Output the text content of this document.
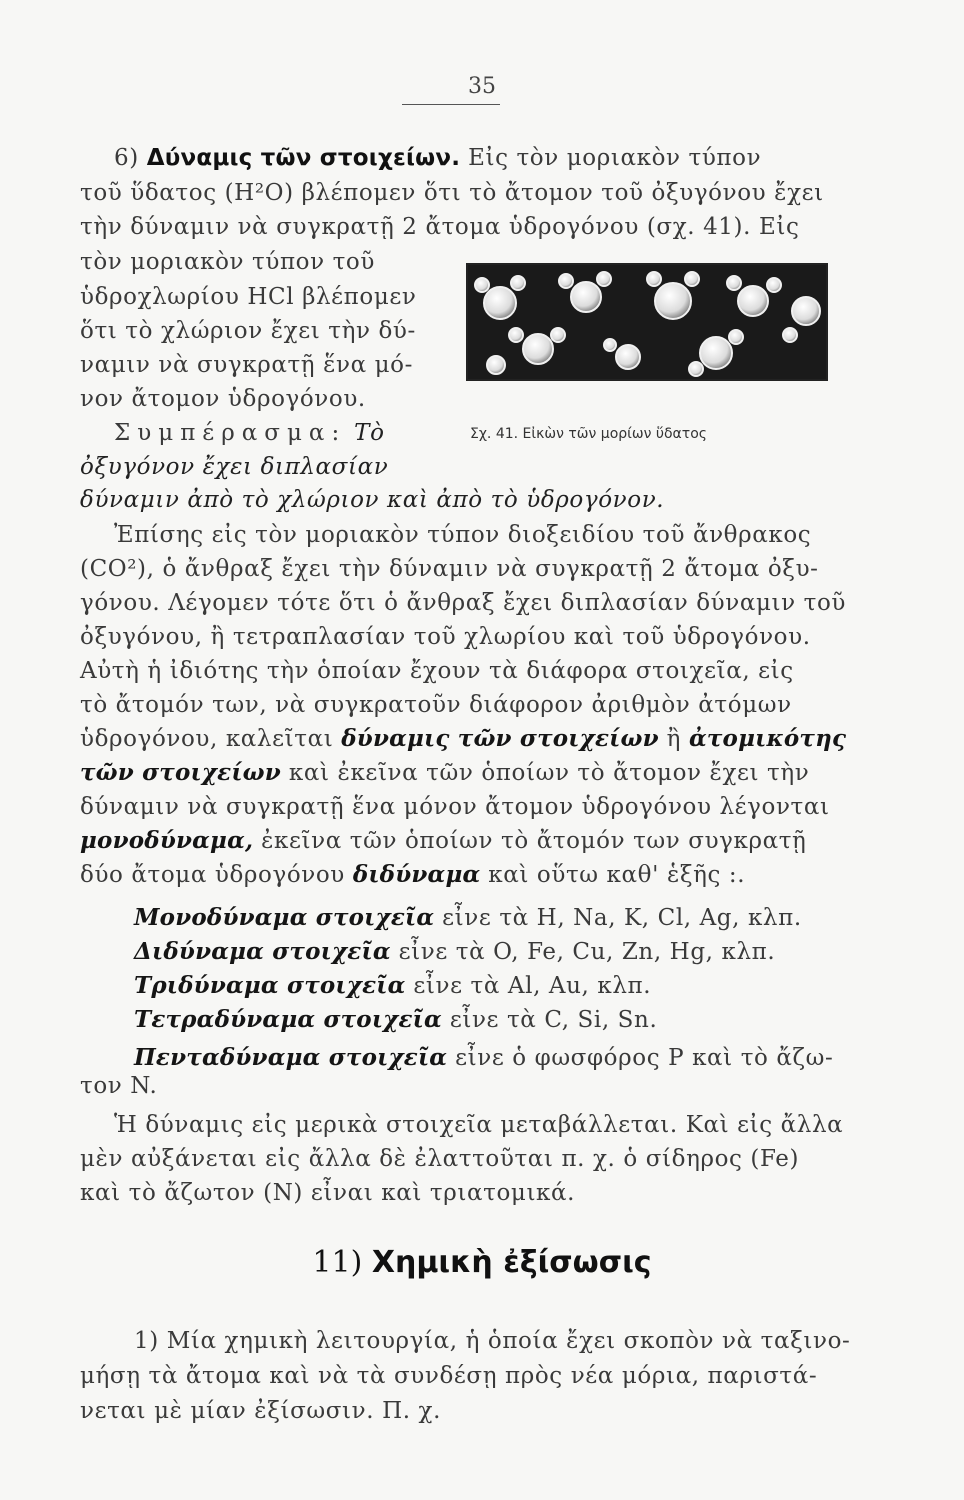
35
6) Δύναμις τῶν στοιχείων. Εἰς τὸν μοριακὸν τύπον
τοῦ ὕδατος (H²O) βλέπομεν ὅτι τὸ ἄτομον τοῦ ὀξυγόνου ἔχει
τὴν δύναμιν νὰ συγκρατῇ 2 ἄτομα ὑδρογόνου (σχ. 41). Εἰς
τὸν μοριακὸν τύπον τοῦ
ὑδροχλωρίου HCl βλέπομεν
ὅτι τὸ χλώριον ἔχει τὴν δύ-
ναμιν νὰ συγκρατῇ ἕνα μό-
νον ἄτομον ὑδρογόνου.
Συμπέρασμα: Τὸ
ὀξυγόνον ἔχει διπλασίαν
δύναμιν ἀπὸ τὸ χλώριον καὶ ἀπὸ τὸ ὑδρογόνον.
Σχ. 41. Εἰκὼν τῶν μορίων ὕδατος
Ἐπίσης εἰς τὸν μοριακὸν τύπον διοξειδίου τοῦ ἄνθρακος
(CO²), ὁ ἄνθραξ ἔχει τὴν δύναμιν νὰ συγκρατῇ 2 ἄτομα ὀξυ-
γόνου. Λέγομεν τότε ὅτι ὁ ἄνθραξ ἔχει διπλασίαν δύναμιν τοῦ
ὀξυγόνου, ἢ τετραπλασίαν τοῦ χλωρίου καὶ τοῦ ὑδρογόνου.
Αὐτὴ ἡ ἰδιότης τὴν ὁποίαν ἔχουν τὰ διάφορα στοιχεῖα, εἰς
τὸ ἄτομόν των, νὰ συγκρατοῦν διάφορον ἀριθμὸν ἀτόμων
ὑδρογόνου, καλεῖται δύναμις τῶν στοιχείων ἢ ἀτομικότης
τῶν στοιχείων καὶ ἐκεῖνα τῶν ὁποίων τὸ ἄτομον ἔχει τὴν
δύναμιν νὰ συγκρατῇ ἕνα μόνον ἄτομον ὑδρογόνου λέγονται
μονοδύναμα, ἐκεῖνα τῶν ὁποίων τὸ ἄτομόν των συγκρατῇ
δύο ἄτομα ὑδρογόνου διδύναμα καὶ οὕτω καθ' ἑξῆς :.
Μονοδύναμα στοιχεῖα εἶνε τὰ H, Na, K, Cl, Ag, κλπ.
Διδύναμα στοιχεῖα εἶνε τὰ O, Fe, Cu, Zn, Hg, κλπ.
Τριδύναμα στοιχεῖα εἶνε τὰ Al, Au, κλπ.
Τετραδύναμα στοιχεῖα εἶνε τὰ C, Si, Sn.
Πενταδύναμα στοιχεῖα εἶνε ὁ φωσφόρος P καὶ τὸ ἄζω-
τον N.
Ἡ δύναμις εἰς μερικὰ στοιχεῖα μεταβάλλεται. Καὶ εἰς ἄλλα
μὲν αὐξάνεται εἰς ἄλλα δὲ ἐλαττοῦται π. χ. ὁ σίδηρος (Fe)
καὶ τὸ ἄζωτον (N) εἶναι καὶ τριατομικά.
11) Χημικὴ ἐξίσωσις
1) Μία χημικὴ λειτουργία, ἡ ὁποία ἔχει σκοπὸν νὰ ταξινο-
μήσῃ τὰ ἄτομα καὶ νὰ τὰ συνδέσῃ πρὸς νέα μόρια, παριστά-
νεται μὲ μίαν ἐξίσωσιν. Π. χ.
